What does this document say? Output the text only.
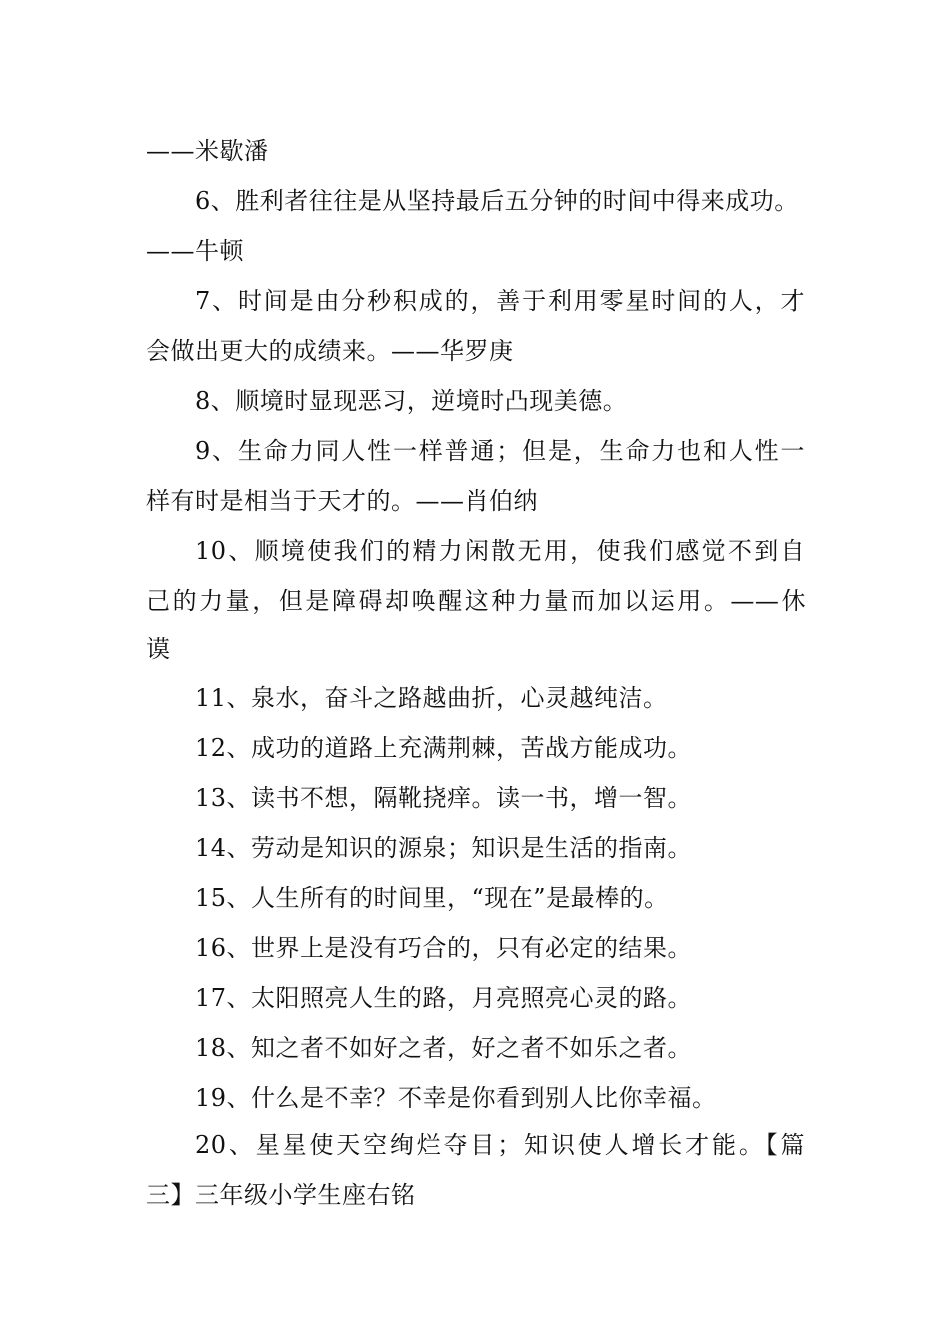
——米歇潘
6、胜利者往往是从坚持最后五分钟的时间中得来成功。
——牛顿
7、时间是由分秒积成的，善于利用零星时间的人，才
会做出更大的成绩来。——华罗庚
8、顺境时显现恶习，逆境时凸现美德。
9、生命力同人性一样普通；但是，生命力也和人性一
样有时是相当于天才的。——肖伯纳
10、顺境使我们的精力闲散无用，使我们感觉不到自
己的力量，但是障碍却唤醒这种力量而加以运用。——休
谟
11、泉水，奋斗之路越曲折，心灵越纯洁。
12、成功的道路上充满荆棘，苦战方能成功。
13、读书不想，隔靴挠痒。读一书，增一智。
14、劳动是知识的源泉；知识是生活的指南。
15、人生所有的时间里，“现在”是最棒的。
16、世界上是没有巧合的，只有必定的结果。
17、太阳照亮人生的路，月亮照亮心灵的路。
18、知之者不如好之者，好之者不如乐之者。
19、什么是不幸？不幸是你看到别人比你幸福。
20、星星使天空绚烂夺目；知识使人增长才能。【篇
三】三年级小学生座右铭
